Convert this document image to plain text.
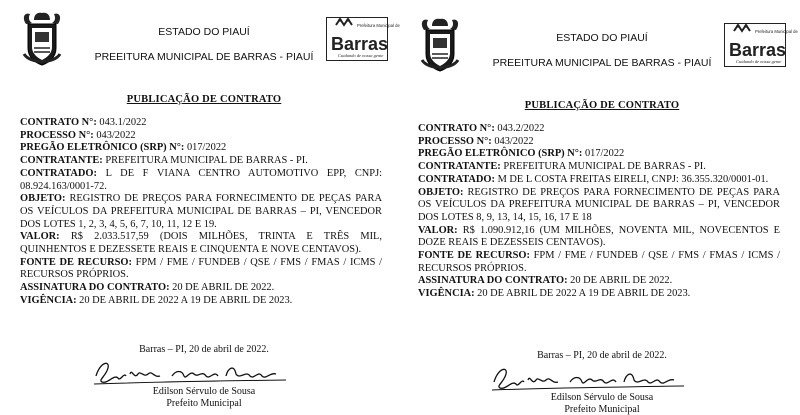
ESTADO DO PIAUÍ
PREEITURA MUNICIPAL DE BARRAS - PIAUÍ
Prefeitura Municipal de
Barras
Cuidando de nossa gente
PUBLICAÇÃO DE CONTRATO

CONTRATO N°: 043.1/2022

PROCESSO N°: 043/2022

PREGÃO ELETRÔNICO (SRP) N°: 017/2022

CONTRATANTE: PREFEITURA MUNICIPAL DE BARRAS - PI.

CONTRATADO: L DE F VIANA CENTRO AUTOMOTIVO EPP, CNPJ: 08.924.163/0001-72.

OBJETO: REGISTRO DE PREÇOS PARA FORNECIMENTO DE PEÇAS PARA OS VEÍCULOS DA PREFEITURA MUNICIPAL DE BARRAS – PI, VENCEDOR DOS LOTES 1, 2, 3, 4, 5, 6, 7, 10, 11, 12 E 19.

VALOR: R$ 2.033.517,59 (DOIS MILHÕES, TRINTA E TRÊS MIL, QUINHENTOS E DEZESSETE REAIS E CINQUENTA E NOVE CENTAVOS).

FONTE DE RECURSO: FPM / FME / FUNDEB / QSE / FMS / FMAS / ICMS / RECURSOS PRÓPRIOS.

ASSINATURA DO CONTRATO: 20 DE ABRIL DE 2022.

VIGÊNCIA: 20 DE ABRIL DE 2022 A 19 DE ABRIL DE 2023.

Barras – PI, 20 de abril de 2022.
Edilson Sérvulo de Sousa
Prefeito Municipal
ESTADO DO PIAUÍ
PREEITURA MUNICIPAL DE BARRAS - PIAUÍ
Prefeitura Municipal de
Barras
Cuidando de nossa gente
PUBLICAÇÃO DE CONTRATO

CONTRATO N°: 043.2/2022

PROCESSO N°: 043/2022

PREGÃO ELETRÔNICO (SRP) N°: 017/2022

CONTRATANTE: PREFEITURA MUNICIPAL DE BARRAS - PI.

CONTRATADO: M DE L COSTA FREITAS EIRELI, CNPJ: 36.355.320/0001-01.

OBJETO: REGISTRO DE PREÇOS PARA FORNECIMENTO DE PEÇAS PARA OS VEÍCULOS DA PREFEITURA MUNICIPAL DE BARRAS – PI, VENCEDOR DOS LOTES 8, 9, 13, 14, 15, 16, 17 E 18

VALOR: R$ 1.090.912,16 (UM MILHÕES, NOVENTA MIL, NOVECENTOS E DOZE REAIS E DEZESSEIS CENTAVOS).

FONTE DE RECURSO: FPM / FME / FUNDEB / QSE / FMS / FMAS / ICMS / RECURSOS PRÓPRIOS.

ASSINATURA DO CONTRATO: 20 DE ABRIL DE 2022.

VIGÊNCIA: 20 DE ABRIL DE 2022 A 19 DE ABRIL DE 2023.

Barras – PI, 20 de abril de 2022.
Edilson Sérvulo de Sousa
Prefeito Municipal
